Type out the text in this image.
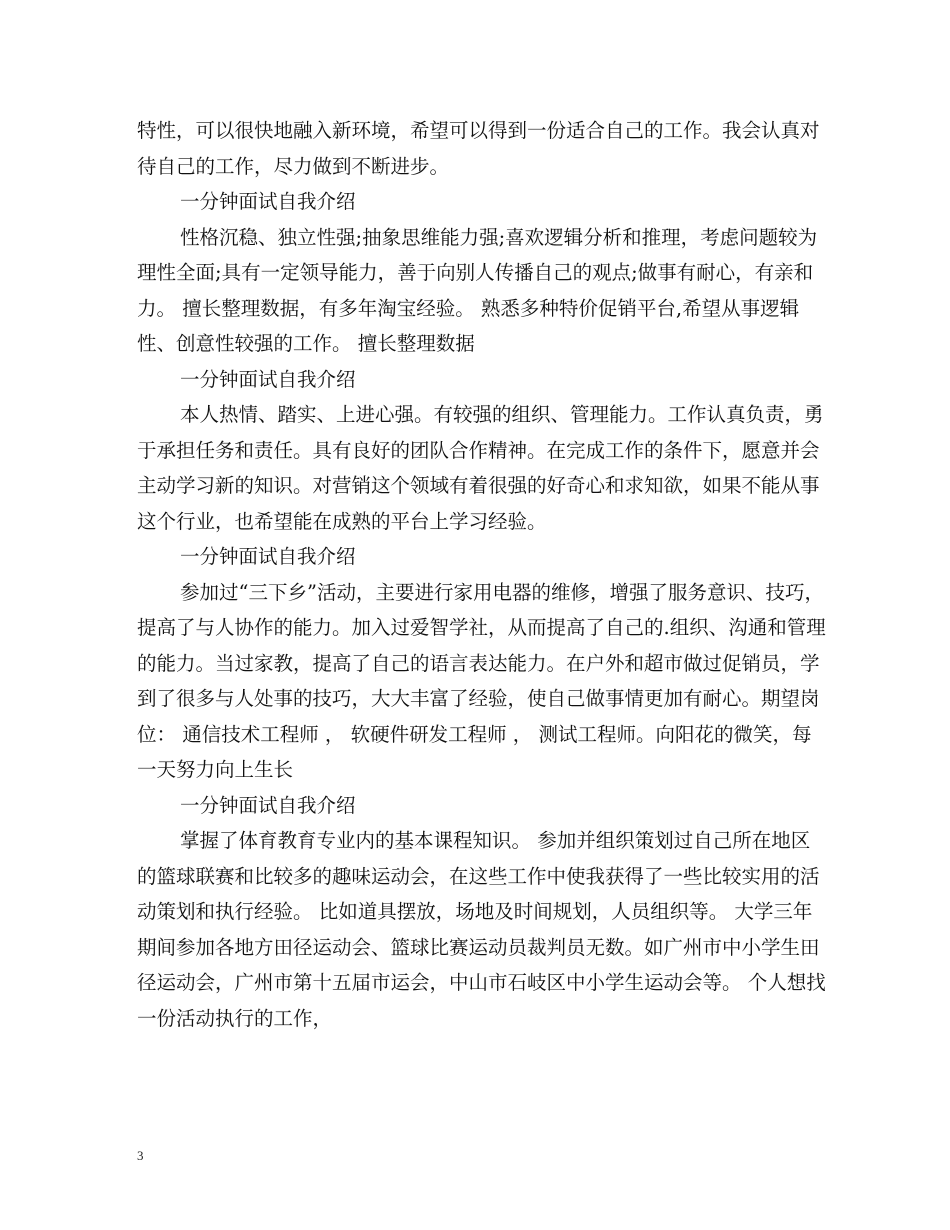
特性，可以很快地融入新环境，希望可以得到一份适合自己的工作。我会认真对待自己的工作，尽力做到不断进步。

一分钟面试自我介绍

性格沉稳、独立性强;抽象思维能力强;喜欢逻辑分析和推理，考虑问题较为理性全面;具有一定领导能力，善于向别人传播自己的观点;做事有耐心，有亲和力。 擅长整理数据，有多年淘宝经验。 熟悉多种特价促销平台,希望从事逻辑性、创意性较强的工作。 擅长整理数据

一分钟面试自我介绍

本人热情、踏实、上进心强。有较强的组织、管理能力。工作认真负责，勇于承担任务和责任。具有良好的团队合作精神。在完成工作的条件下，愿意并会主动学习新的知识。对营销这个领域有着很强的好奇心和求知欲，如果不能从事这个行业，也希望能在成熟的平台上学习经验。

一分钟面试自我介绍

参加过“三下乡”活动，主要进行家用电器的维修，增强了服务意识、技巧，提高了与人协作的能力。加入过爱智学社，从而提高了自己的.组织、沟通和管理的能力。当过家教，提高了自己的语言表达能力。在户外和超市做过促销员，学到了很多与人处事的技巧，大大丰富了经验，使自己做事情更加有耐心。期望岗位： 通信技术工程师 ， 软硬件研发工程师 ， 测试工程师。向阳花的微笑，每一天努力向上生长

一分钟面试自我介绍

掌握了体育教育专业内的基本课程知识。 参加并组织策划过自己所在地区的篮球联赛和比较多的趣味运动会，在这些工作中使我获得了一些比较实用的活动策划和执行经验。 比如道具摆放，场地及时间规划，人员组织等。 大学三年期间参加各地方田径运动会、篮球比赛运动员裁判员无数。如广州市中小学生田径运动会，广州市第十五届市运会，中山市石岐区中小学生运动会等。 个人想找一份活动执行的工作，

3
